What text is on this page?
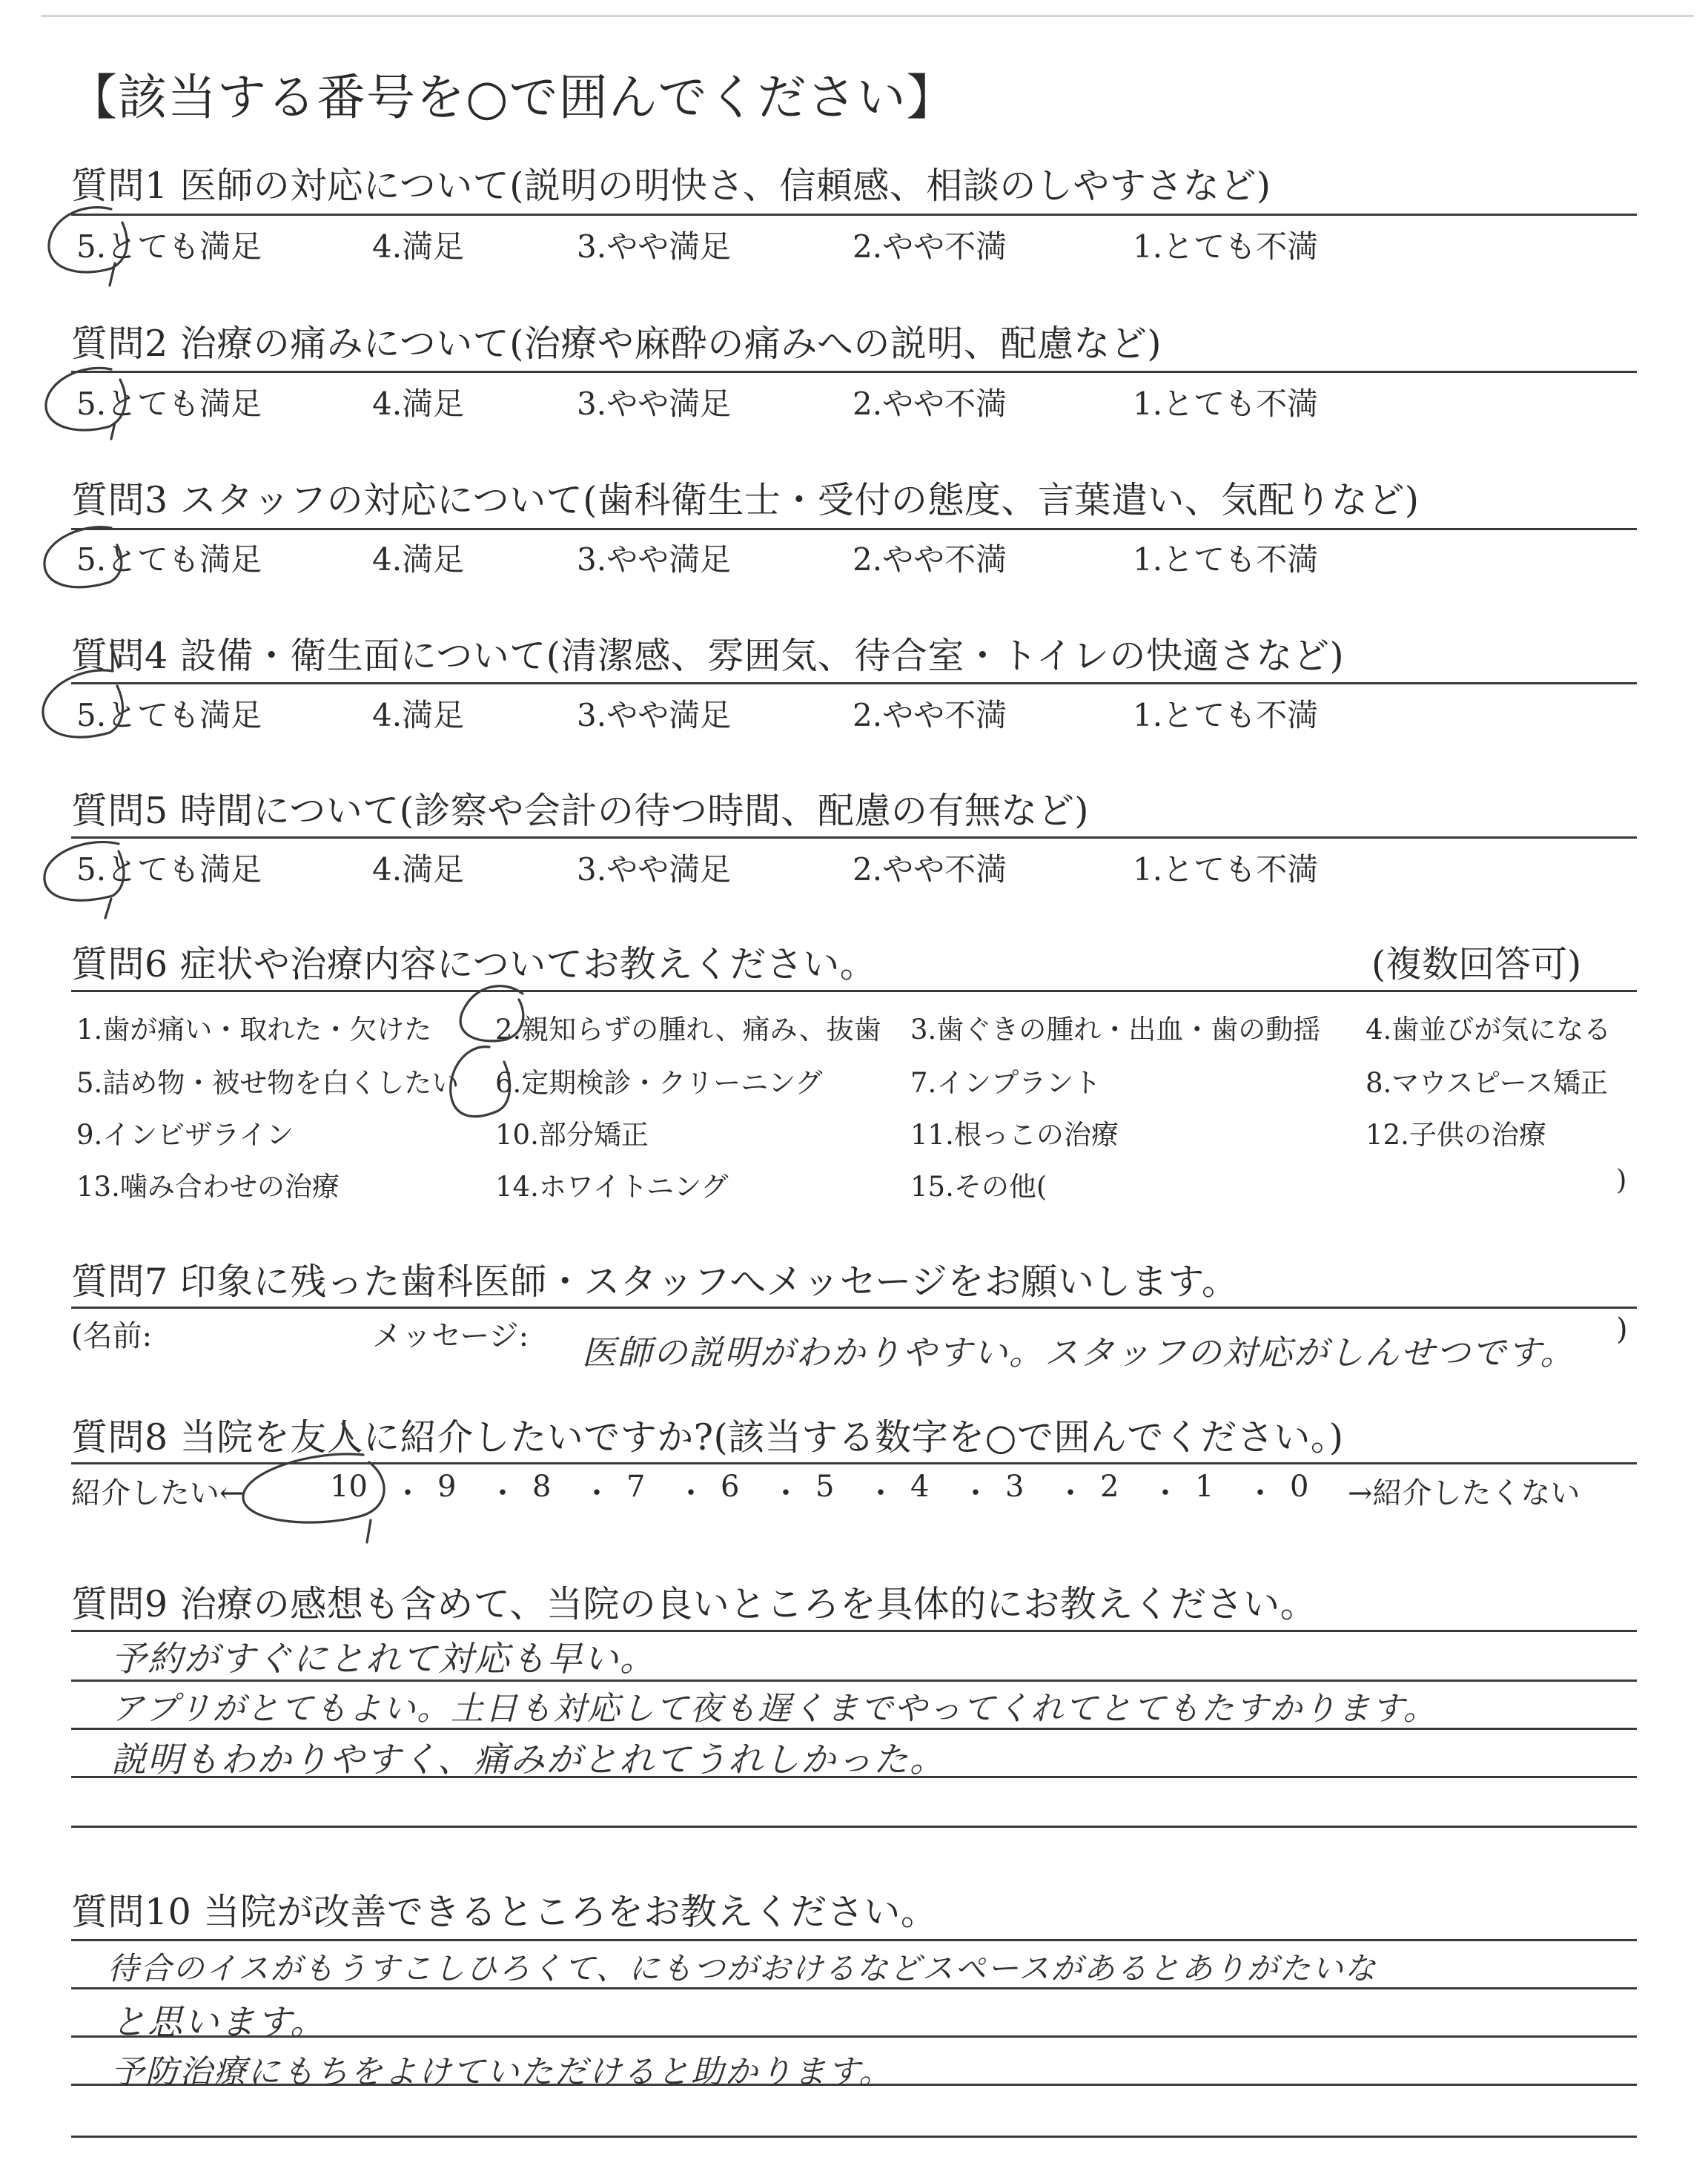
【該当する番号を○で囲んでください】
質問1 医師の対応について(説明の明快さ、信頼感、相談のしやすさなど)
5.とても満足	4.満足	3.やや満足	2.やや不満	1.とても不満
質問2 治療の痛みについて(治療や麻酔の痛みへの説明、配慮など)
5.とても満足	4.満足	3.やや満足	2.やや不満	1.とても不満
質問3 スタッフの対応について(歯科衛生士・受付の態度、言葉遣い、気配りなど)
5.とても満足	4.満足	3.やや満足	2.やや不満	1.とても不満
質問4 設備・衛生面について(清潔感、雰囲気、待合室・トイレの快適さなど)
5.とても満足	4.満足	3.やや満足	2.やや不満	1.とても不満
質問5 時間について(診察や会計の待つ時間、配慮の有無など)
5.とても満足	4.満足	3.やや満足	2.やや不満	1.とても不満
質問6 症状や治療内容についてお教えください。	(複数回答可)
1.歯が痛い・取れた・欠けた 2.親知らずの腫れ、痛み、抜歯 3.歯ぐきの腫れ・出血・歯の動揺 4.歯並びが気になる
5.詰め物・被せ物を白くしたい 6.定期検診・クリーニング	7.インプラント	8.マウスピース矯正
9.インビザライン	10.部分矯正	11.根っこの治療	12.子供の治療
13.噛み合わせの治療	14.ホワイトニング	15.その他(	)
質問7 印象に残った歯科医師・スタッフへメッセージをお願いします。
(名前:	メッセージ: 医師の説明がわかりやすい。スタッフの対応がしんせつです。
)
質問8 当院を友人に紹介したいですか?(該当する数字を○で囲んでください。)
紹介したい←	10 ・ 9 ・ 8 ・ 7 ・ 6 ・ 5 ・ 4 ・ 3 ・ 2 ・ 1 ・ 0 →紹介したくない
質問9 治療の感想も含めて、当院の良いところを具体的にお教えください。
予約がすぐにとれて対応も早い。
アプリがとてもよい。土日も対応して夜も遅くまでやってくれてとてもたすかります。
説明もわかりやすく、痛みがとれてうれしかった。
質問10 当院が改善できるところをお教えください。
待合のイスがもうすこしひろくて、にもつがおけるなどスペースがあるとありがたいな
と思います。
予防治療にもちをよけていただけると助かります。
